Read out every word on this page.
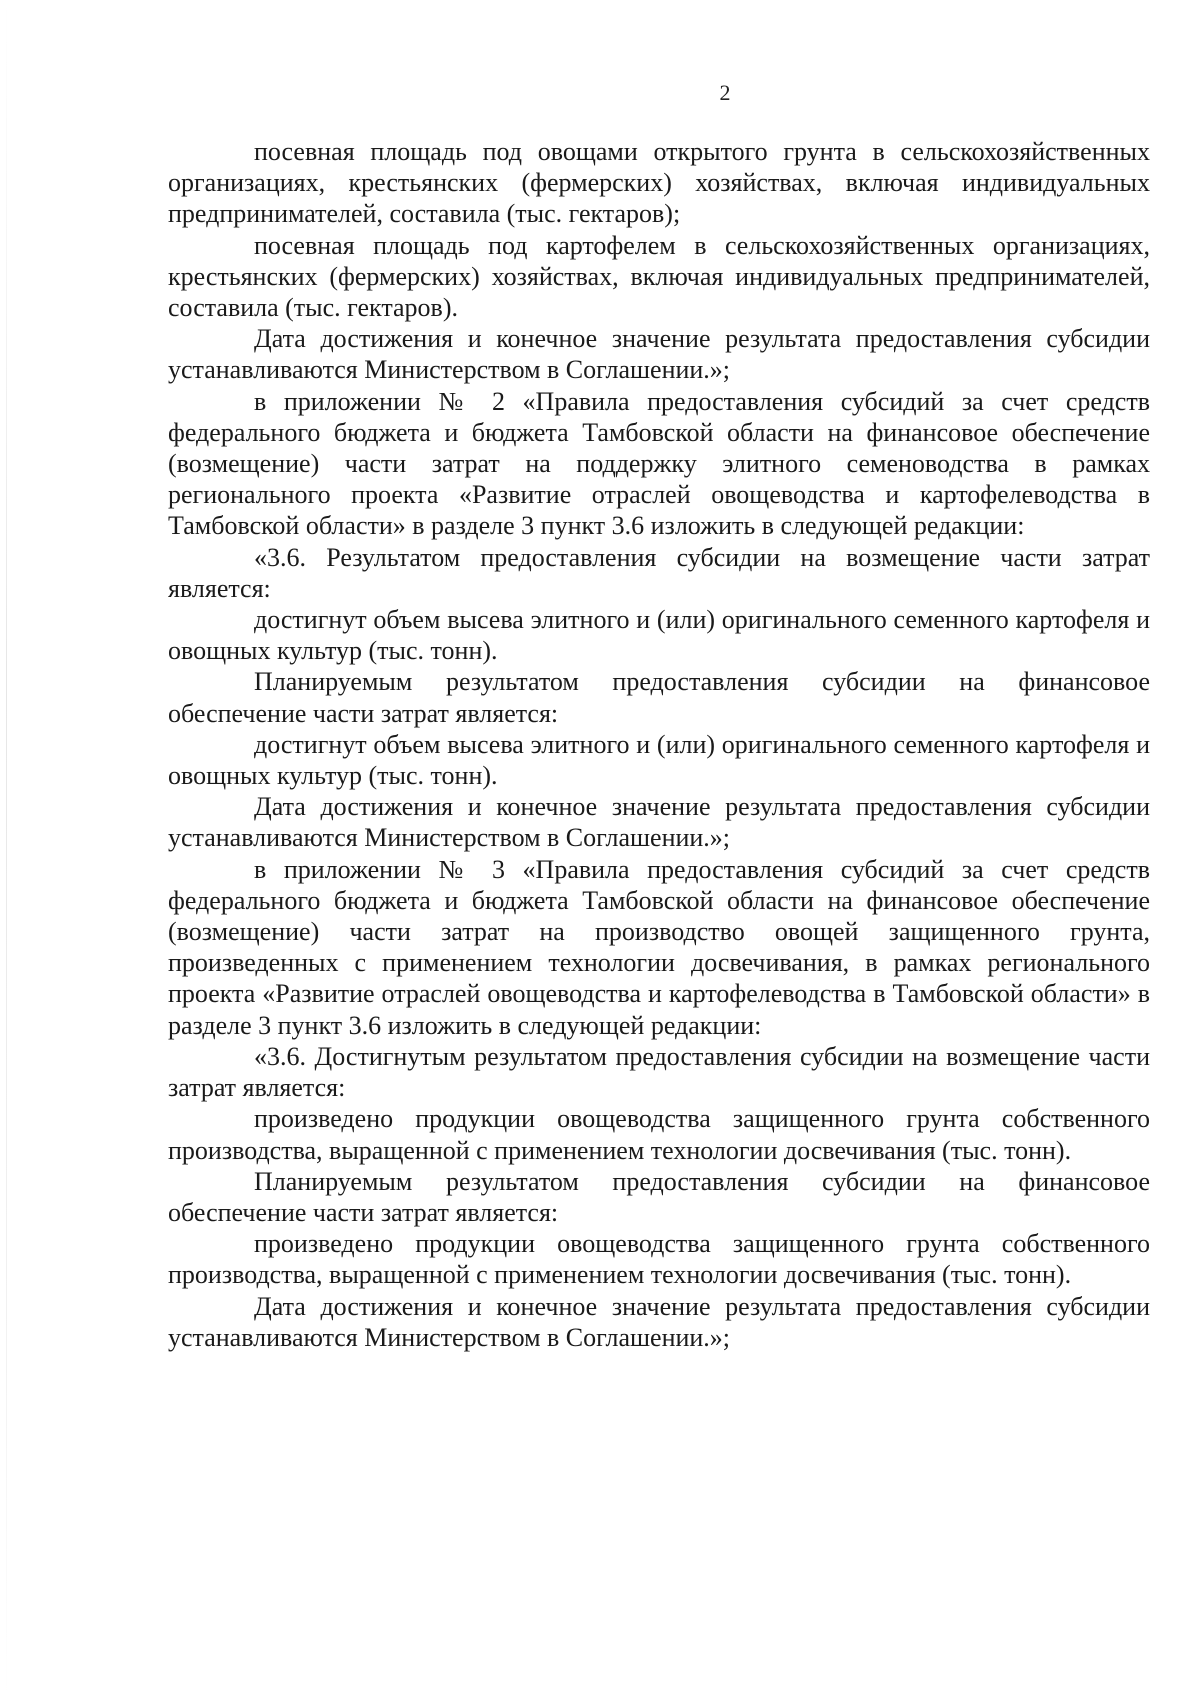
2

посевная площадь под овощами открытого грунта в сельскохозяйственных организациях, крестьянских (фермерских) хозяйствах, включая индивидуальных предпринимателей, составила (тыс. гектаров);

посевная площадь под картофелем в сельскохозяйственных организациях, крестьянских (фермерских) хозяйствах, включая индивидуальных предпринимателей, составила (тыс. гектаров).

Дата достижения и конечное значение результата предоставления субсидии устанавливаются Министерством в Соглашении.»;

в приложении № 2 «Правила предоставления субсидий за счет средств федерального бюджета и бюджета Тамбовской области на финансовое обеспечение (возмещение) части затрат на поддержку элитного семеноводства в рамках регионального проекта «Развитие отраслей овощеводства и картофелеводства в Тамбовской области» в разделе 3 пункт 3.6 изложить в следующей редакции:

«3.6. Результатом предоставления субсидии на возмещение части затрат является:

достигнут объем высева элитного и (или) оригинального семенного картофеля и овощных культур (тыс. тонн).

Планируемым результатом предоставления субсидии на финансовое обеспечение части затрат является:

достигнут объем высева элитного и (или) оригинального семенного картофеля и овощных культур (тыс. тонн).

Дата достижения и конечное значение результата предоставления субсидии устанавливаются Министерством в Соглашении.»;

в приложении № 3 «Правила предоставления субсидий за счет средств федерального бюджета и бюджета Тамбовской области на финансовое обеспечение (возмещение) части затрат на производство овощей защищенного грунта, произведенных с применением технологии досвечивания, в рамках регионального проекта «Развитие отраслей овощеводства и картофелеводства в Тамбовской области» в разделе 3 пункт 3.6 изложить в следующей редакции:

«3.6. Достигнутым результатом предоставления субсидии на возмещение части затрат является:

произведено продукции овощеводства защищенного грунта собственного производства, выращенной с применением технологии досвечивания (тыс. тонн).

Планируемым результатом предоставления субсидии на финансовое обеспечение части затрат является:

произведено продукции овощеводства защищенного грунта собственного производства, выращенной с применением технологии досвечивания (тыс. тонн).

Дата достижения и конечное значение результата предоставления субсидии устанавливаются Министерством в Соглашении.»;
